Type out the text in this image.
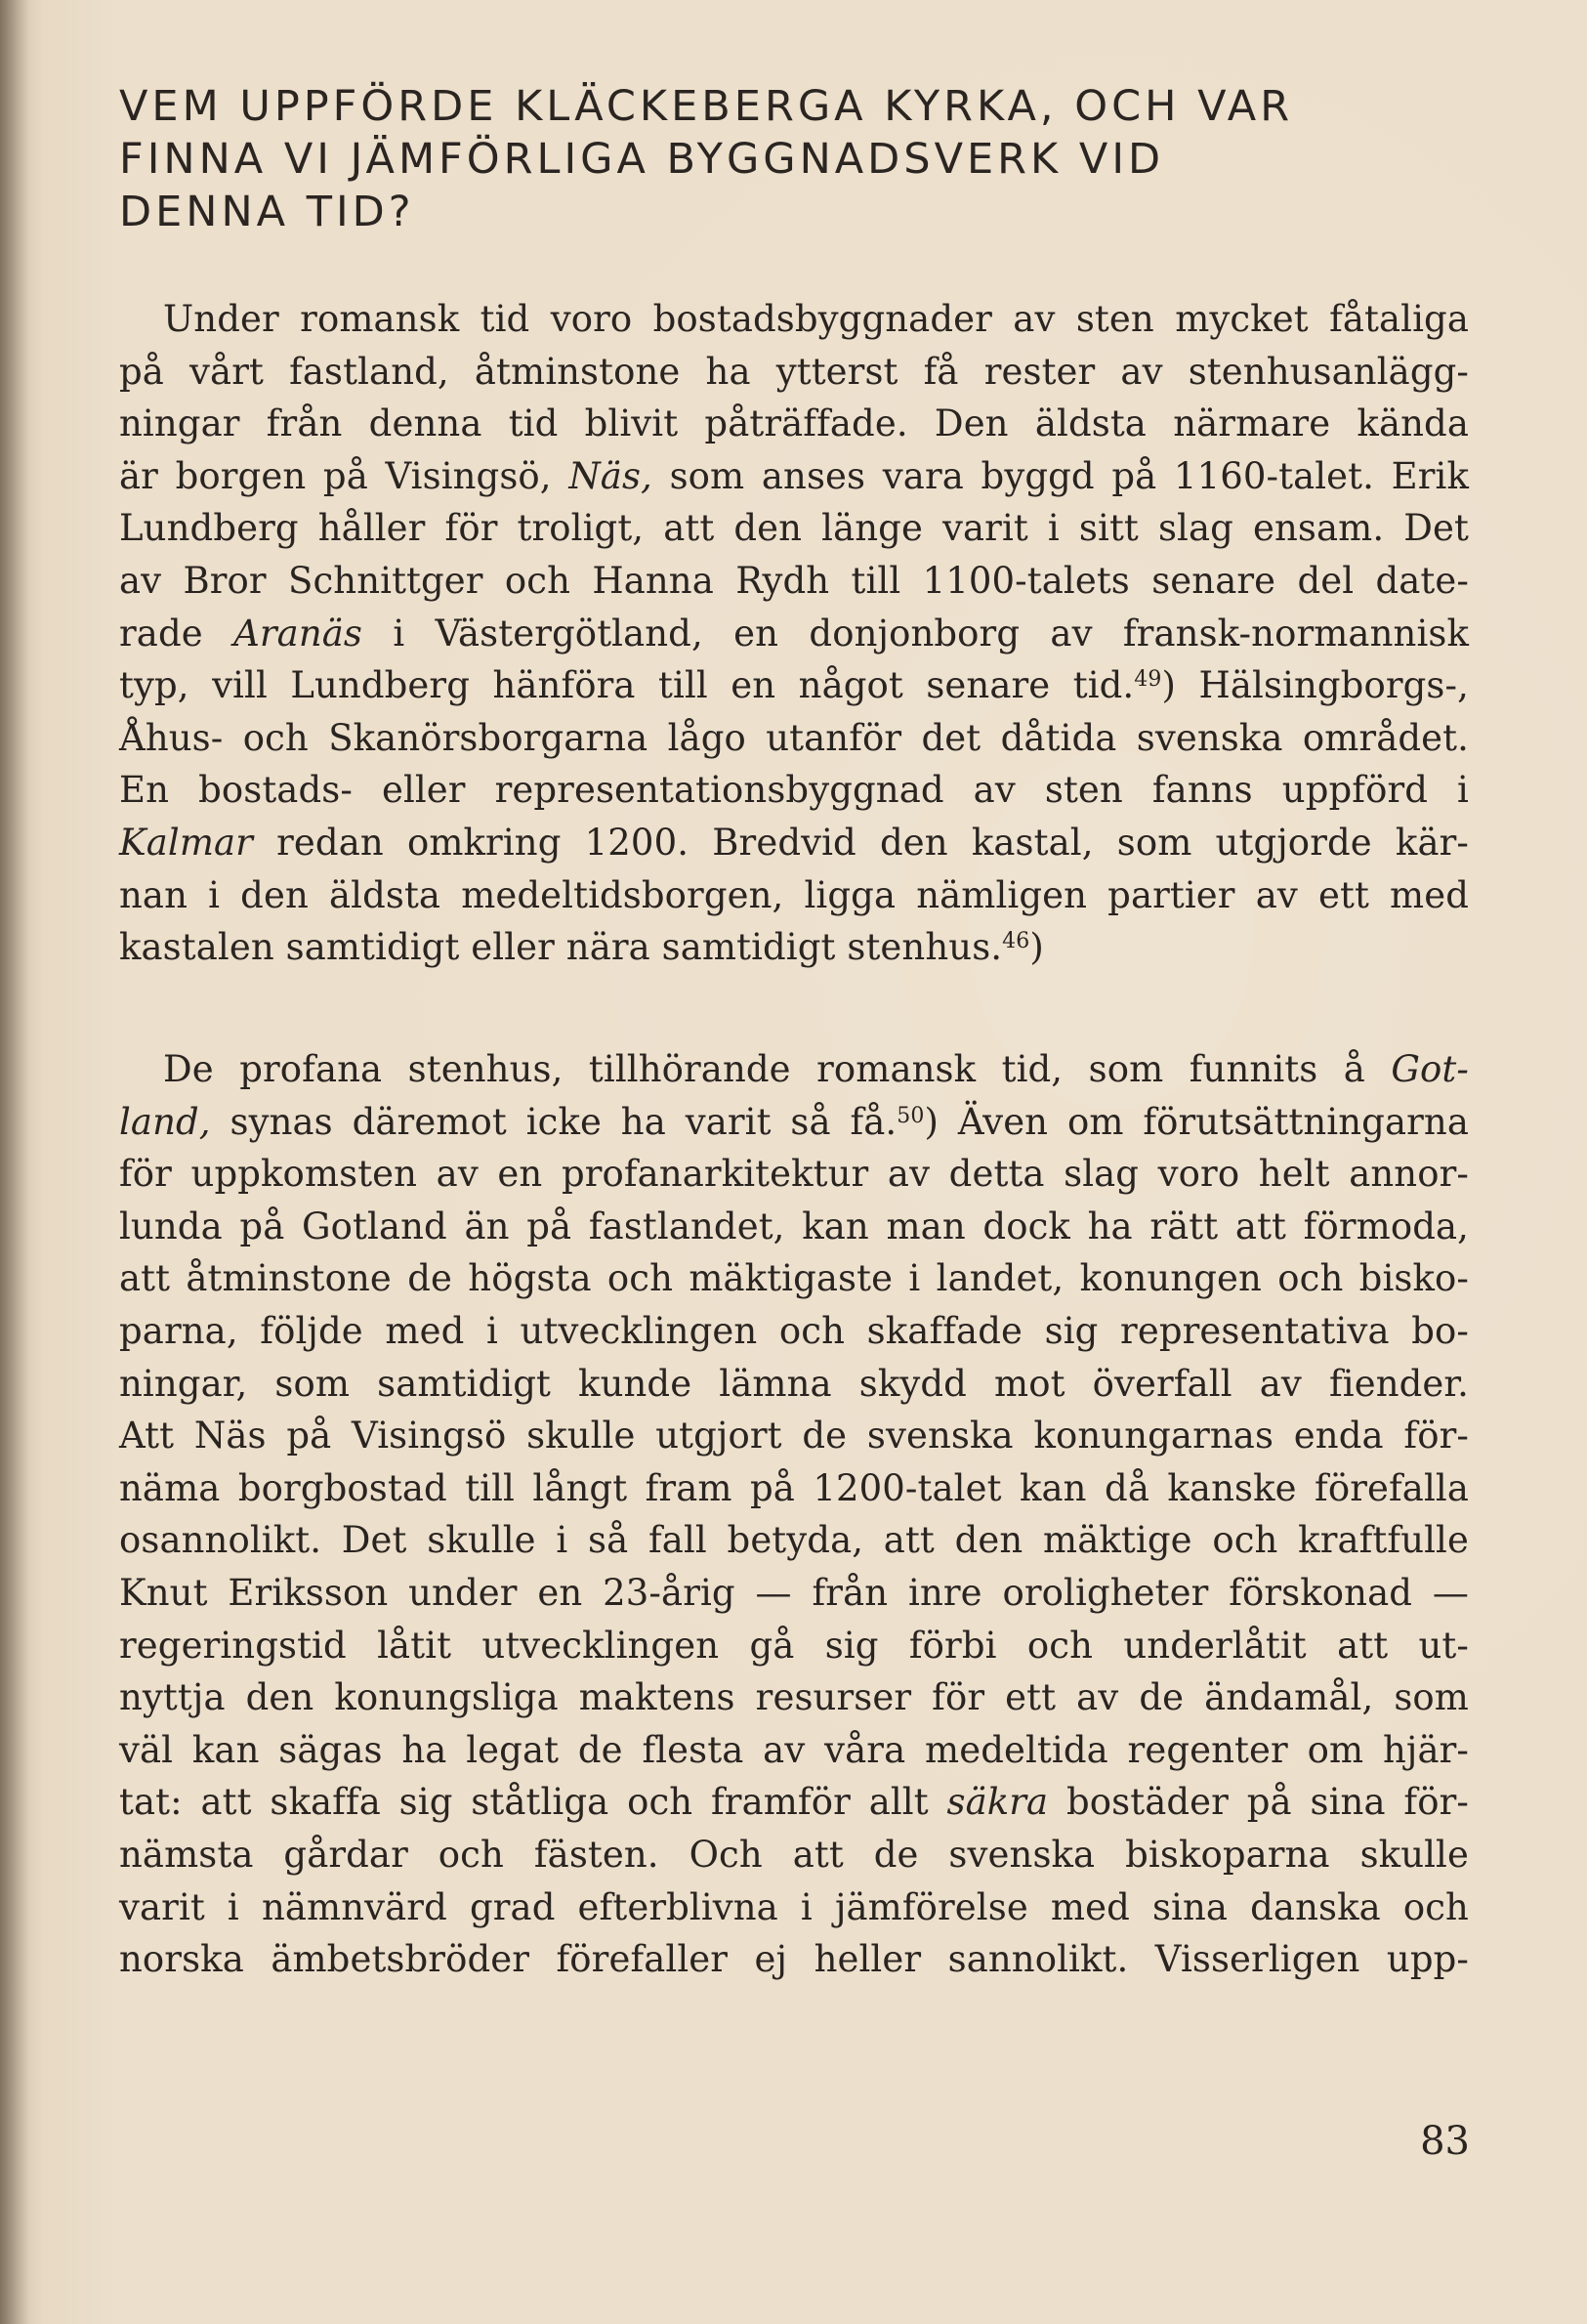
VEM UPPFÖRDE KLÄCKEBERGA KYRKA, OCH VAR
FINNA VI JÄMFÖRLIGA BYGGNADSVERK VID
DENNA TID?

Under romansk tid voro bostadsbyggnader av sten mycket fåtaliga
på vårt fastland, åtminstone ha ytterst få rester av stenhusanlägg-
ningar från denna tid blivit påträffade. Den äldsta närmare kända
är borgen på Visingsö, Näs, som anses vara byggd på 1160-talet. Erik
Lundberg håller för troligt, att den länge varit i sitt slag ensam. Det
av Bror Schnittger och Hanna Rydh till 1100-talets senare del date-
rade Aranäs i Västergötland, en donjonborg av fransk-normannisk
typ, vill Lundberg hänföra till en något senare tid.$^{49}$) Hälsingborgs-,
Åhus- och Skanörsborgarna lågo utanför det dåtida svenska området.
En bostads- eller representationsbyggnad av sten fanns uppförd i
Kalmar redan omkring 1200. Bredvid den kastal, som utgjorde kär-
nan i den äldsta medeltidsborgen, ligga nämligen partier av ett med
kastalen samtidigt eller nära samtidigt stenhus.$^{46}$)

De profana stenhus, tillhörande romansk tid, som funnits å Got-
land, synas däremot icke ha varit så få.$^{50}$) Även om förutsättningarna
för uppkomsten av en profanarkitektur av detta slag voro helt annor-
lunda på Gotland än på fastlandet, kan man dock ha rätt att förmoda,
att åtminstone de högsta och mäktigaste i landet, konungen och bisko-
parna, följde med i utvecklingen och skaffade sig representativa bo-
ningar, som samtidigt kunde lämna skydd mot överfall av fiender.
Att Näs på Visingsö skulle utgjort de svenska konungarnas enda för-
näma borgbostad till långt fram på 1200-talet kan då kanske förefalla
osannolikt. Det skulle i så fall betyda, att den mäktige och kraftfulle
Knut Eriksson under en 23-årig — från inre oroligheter förskonad —
regeringstid låtit utvecklingen gå sig förbi och underlåtit att ut-
nyttja den konungsliga maktens resurser för ett av de ändamål, som
väl kan sägas ha legat de flesta av våra medeltida regenter om hjär-
tat: att skaffa sig ståtliga och framför allt säkra bostäder på sina för-
nämsta gårdar och fästen. Och att de svenska biskoparna skulle
varit i nämnvärd grad efterblivna i jämförelse med sina danska och
norska ämbetsbröder förefaller ej heller sannolikt. Visserligen upp-

83
